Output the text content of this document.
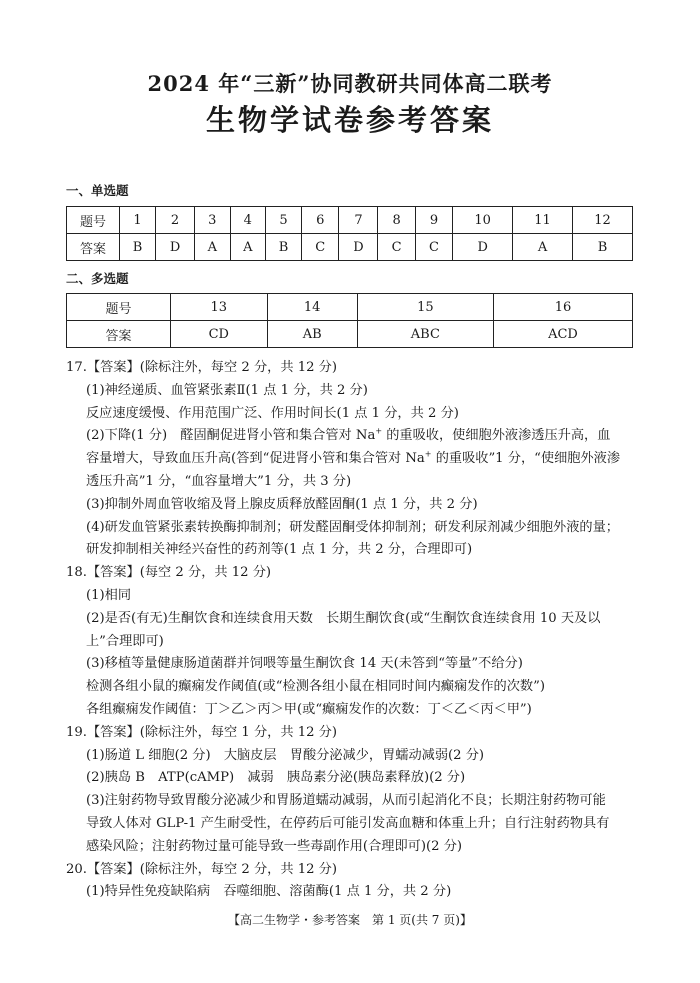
2024 年“三新”协同教研共同体高二联考
生物学试卷参考答案
一、单选题
题号	1	2	3	4	5	6	7	8	9	10	11	12
答案	B	D	A	A	B	C	D	C	C	D	A	B
二、多选题
题号	13	14	15	16
答案	CD	AB	ABC	ACD
17.【答案】(除标注外，每空 2 分，共 12 分)
(1)神经递质、血管紧张素Ⅱ(1 点 1 分，共 2 分)
反应速度缓慢、作用范围广泛、作用时间长(1 点 1 分，共 2 分)
(2)下降(1 分)　醛固酮促进肾小管和集合管对 Na+ 的重吸收，使细胞外液渗透压升高，血
容量增大，导致血压升高(答到“促进肾小管和集合管对 Na+ 的重吸收”1 分，“使细胞外液渗
透压升高”1 分，“血容量增大”1 分，共 3 分)
(3)抑制外周血管收缩及肾上腺皮质释放醛固酮(1 点 1 分，共 2 分)
(4)研发血管紧张素转换酶抑制剂；研发醛固酮受体抑制剂；研发利尿剂减少细胞外液的量；
研发抑制相关神经兴奋性的药剂等(1 点 1 分，共 2 分，合理即可)
18.【答案】(每空 2 分，共 12 分)
(1)相同
(2)是否(有无)生酮饮食和连续食用天数　长期生酮饮食(或“生酮饮食连续食用 10 天及以
上”合理即可)
(3)移植等量健康肠道菌群并饲喂等量生酮饮食 14 天(未答到“等量”不给分)
检测各组小鼠的癫痫发作阈值(或“检测各组小鼠在相同时间内癫痫发作的次数”)
各组癫痫发作阈值：丁＞乙＞丙＞甲(或“癫痫发作的次数：丁＜乙＜丙＜甲”)
19.【答案】(除标注外，每空 1 分，共 12 分)
(1)肠道 L 细胞(2 分)　大脑皮层　胃酸分泌减少，胃蠕动减弱(2 分)
(2)胰岛 B　ATP(cAMP)　减弱　胰岛素分泌(胰岛素释放)(2 分)
(3)注射药物导致胃酸分泌减少和胃肠道蠕动减弱，从而引起消化不良；长期注射药物可能
导致人体对 GLP-1 产生耐受性，在停药后可能引发高血糖和体重上升；自行注射药物具有
感染风险；注射药物过量可能导致一些毒副作用(合理即可)(2 分)
20.【答案】(除标注外，每空 2 分，共 12 分)
(1)特异性免疫缺陷病　吞噬细胞、溶菌酶(1 点 1 分，共 2 分)
【高二生物学・参考答案　第 1 页(共 7 页)】
